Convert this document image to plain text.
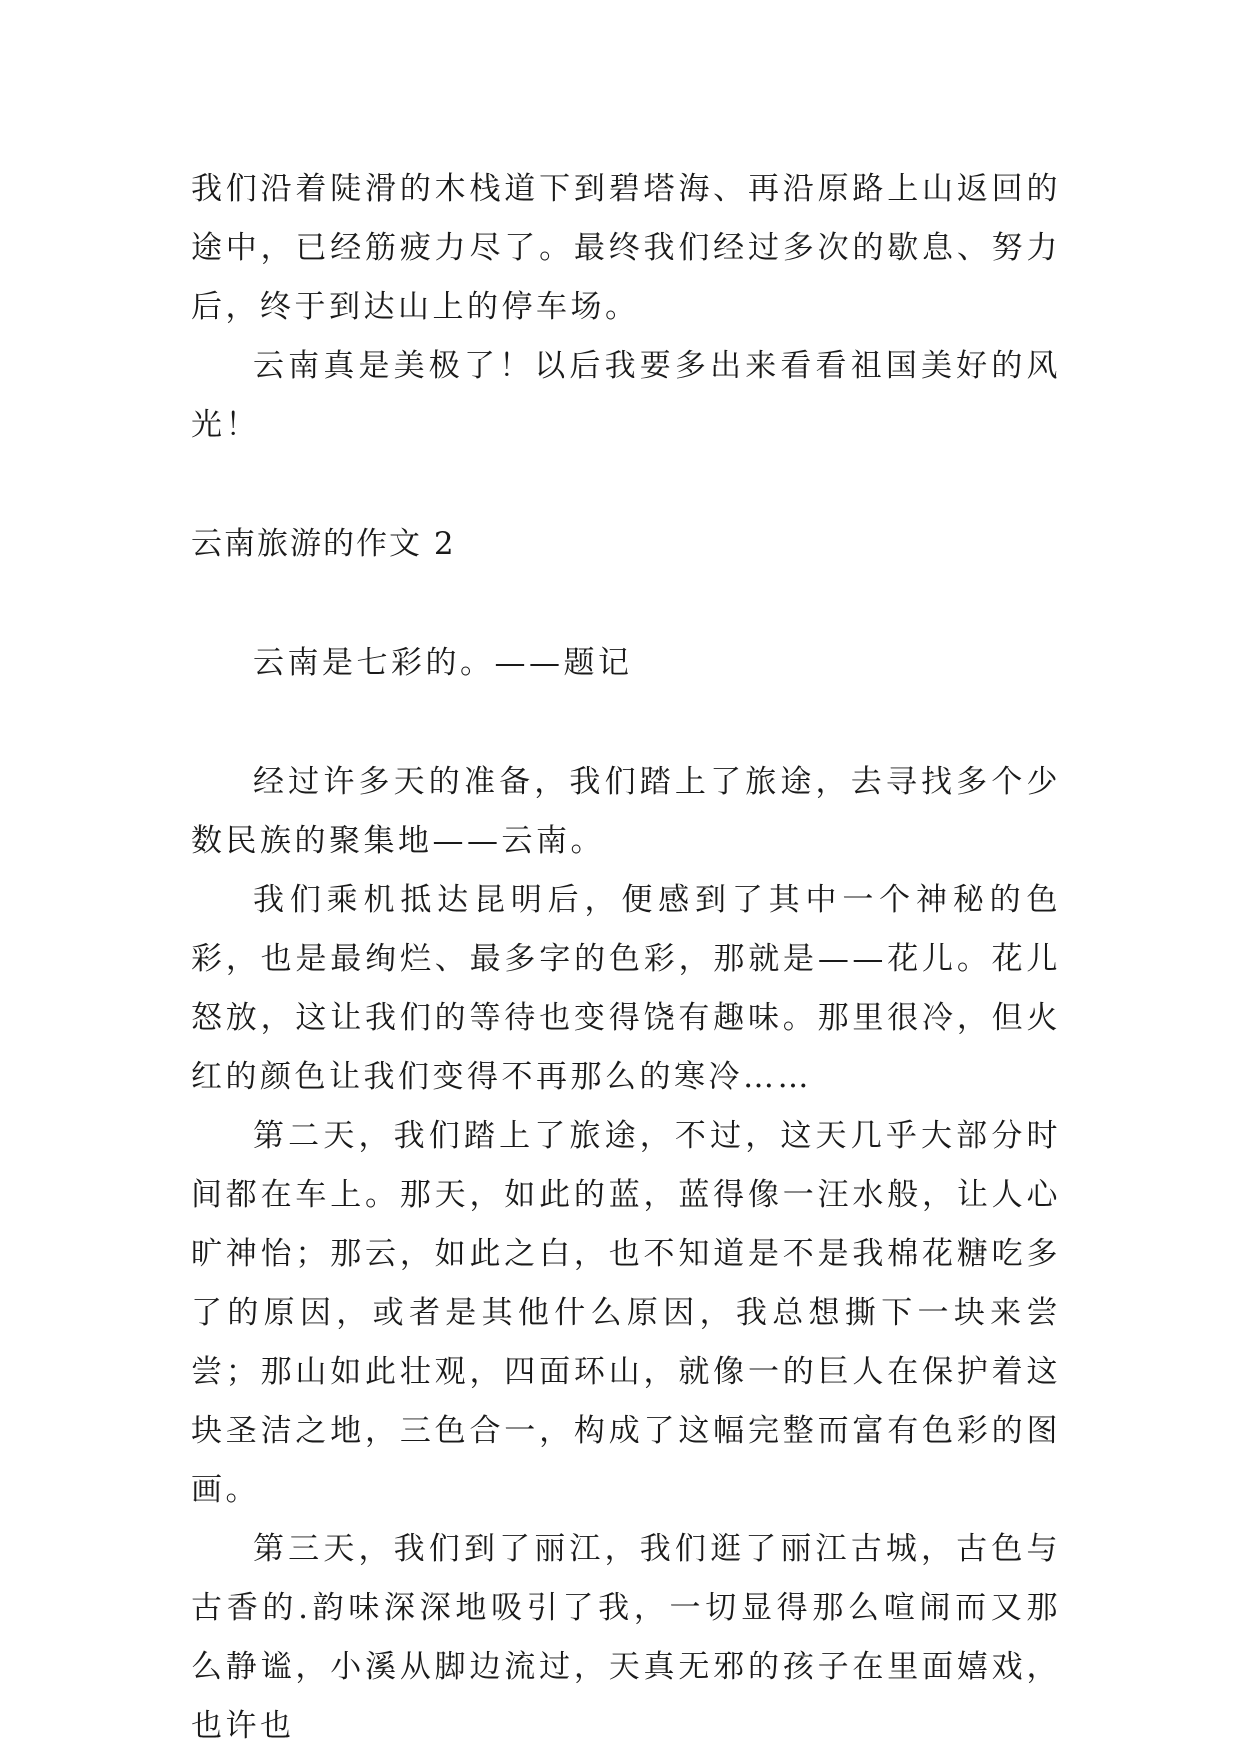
我们沿着陡滑的木栈道下到碧塔海、再沿原路上山返回的途中，已经筋疲力尽了。最终我们经过多次的歇息、努力后，终于到达山上的停车场。

云南真是美极了！以后我要多出来看看祖国美好的风光！

云南旅游的作文 2

云南是七彩的。——题记

经过许多天的准备，我们踏上了旅途，去寻找多个少数民族的聚集地——云南。

我们乘机抵达昆明后，便感到了其中一个神秘的色彩，也是最绚烂、最多字的色彩，那就是——花儿。花儿怒放，这让我们的等待也变得饶有趣味。那里很冷，但火红的颜色让我们变得不再那么的寒冷……

第二天，我们踏上了旅途，不过，这天几乎大部分时间都在车上。那天，如此的蓝，蓝得像一汪水般，让人心旷神怡；那云，如此之白，也不知道是不是我棉花糖吃多了的原因，或者是其他什么原因，我总想撕下一块来尝尝；那山如此壮观，四面环山，就像一的巨人在保护着这块圣洁之地，三色合一，构成了这幅完整而富有色彩的图画。

第三天，我们到了丽江，我们逛了丽江古城，古色与古香的.韵味深深地吸引了我，一切显得那么喧闹而又那么静谧，小溪从脚边流过，天真无邪的孩子在里面嬉戏，也许也
